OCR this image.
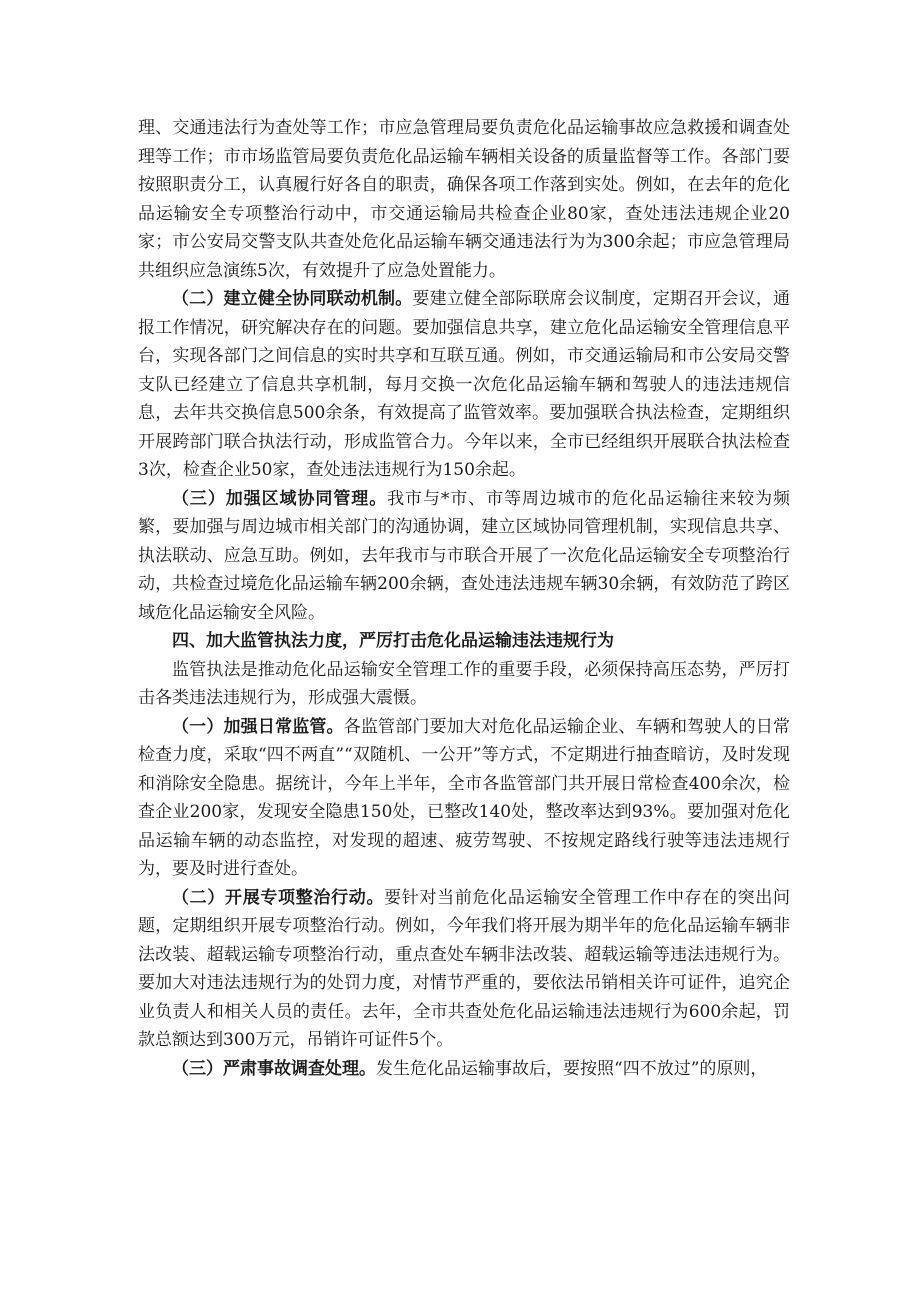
理、交通违法行为查处等工作；市应急管理局要负责危化品运输事故应急救援和调查处理等工作；市市场监管局要负责危化品运输车辆相关设备的质量监督等工作。各部门要按照职责分工，认真履行好各自的职责，确保各项工作落到实处。例如，在去年的危化品运输安全专项整治行动中，市交通运输局共检查企业80家，查处违法违规企业20家；市公安局交警支队共查处危化品运输车辆交通违法行为为300余起；市应急管理局共组织应急演练5次，有效提升了应急处置能力。

（二）建立健全协同联动机制。要建立健全部际联席会议制度，定期召开会议，通报工作情况，研究解决存在的问题。要加强信息共享，建立危化品运输安全管理信息平台，实现各部门之间信息的实时共享和互联互通。例如，市交通运输局和市公安局交警支队已经建立了信息共享机制，每月交换一次危化品运输车辆和驾驶人的违法违规信息，去年共交换信息500余条，有效提高了监管效率。要加强联合执法检查，定期组织开展跨部门联合执法行动，形成监管合力。今年以来，全市已经组织开展联合执法检查3次，检查企业50家，查处违法违规行为150余起。

（三）加强区域协同管理。我市与*市、市等周边城市的危化品运输往来较为频繁，要加强与周边城市相关部门的沟通协调，建立区域协同管理机制，实现信息共享、执法联动、应急互助。例如，去年我市与市联合开展了一次危化品运输安全专项整治行动，共检查过境危化品运输车辆200余辆，查处违法违规车辆30余辆，有效防范了跨区域危化品运输安全风险。

四、加大监管执法力度，严厉打击危化品运输违法违规行为

监管执法是推动危化品运输安全管理工作的重要手段，必须保持高压态势，严厉打击各类违法违规行为，形成强大震慑。

（一）加强日常监管。各监管部门要加大对危化品运输企业、车辆和驾驶人的日常检查力度，采取“四不两直”“双随机、一公开”等方式，不定期进行抽查暗访，及时发现和消除安全隐患。据统计，今年上半年，全市各监管部门共开展日常检查400余次，检查企业200家，发现安全隐患150处，已整改140处，整改率达到93%。要加强对危化品运输车辆的动态监控，对发现的超速、疲劳驾驶、不按规定路线行驶等违法违规行为，要及时进行查处。

（二）开展专项整治行动。要针对当前危化品运输安全管理工作中存在的突出问题，定期组织开展专项整治行动。例如，今年我们将开展为期半年的危化品运输车辆非法改装、超载运输专项整治行动，重点查处车辆非法改装、超载运输等违法违规行为。要加大对违法违规行为的处罚力度，对情节严重的，要依法吊销相关许可证件，追究企业负责人和相关人员的责任。去年，全市共查处危化品运输违法违规行为600余起，罚款总额达到300万元，吊销许可证件5个。

（三）严肃事故调查处理。发生危化品运输事故后，要按照“四不放过”的原则，
